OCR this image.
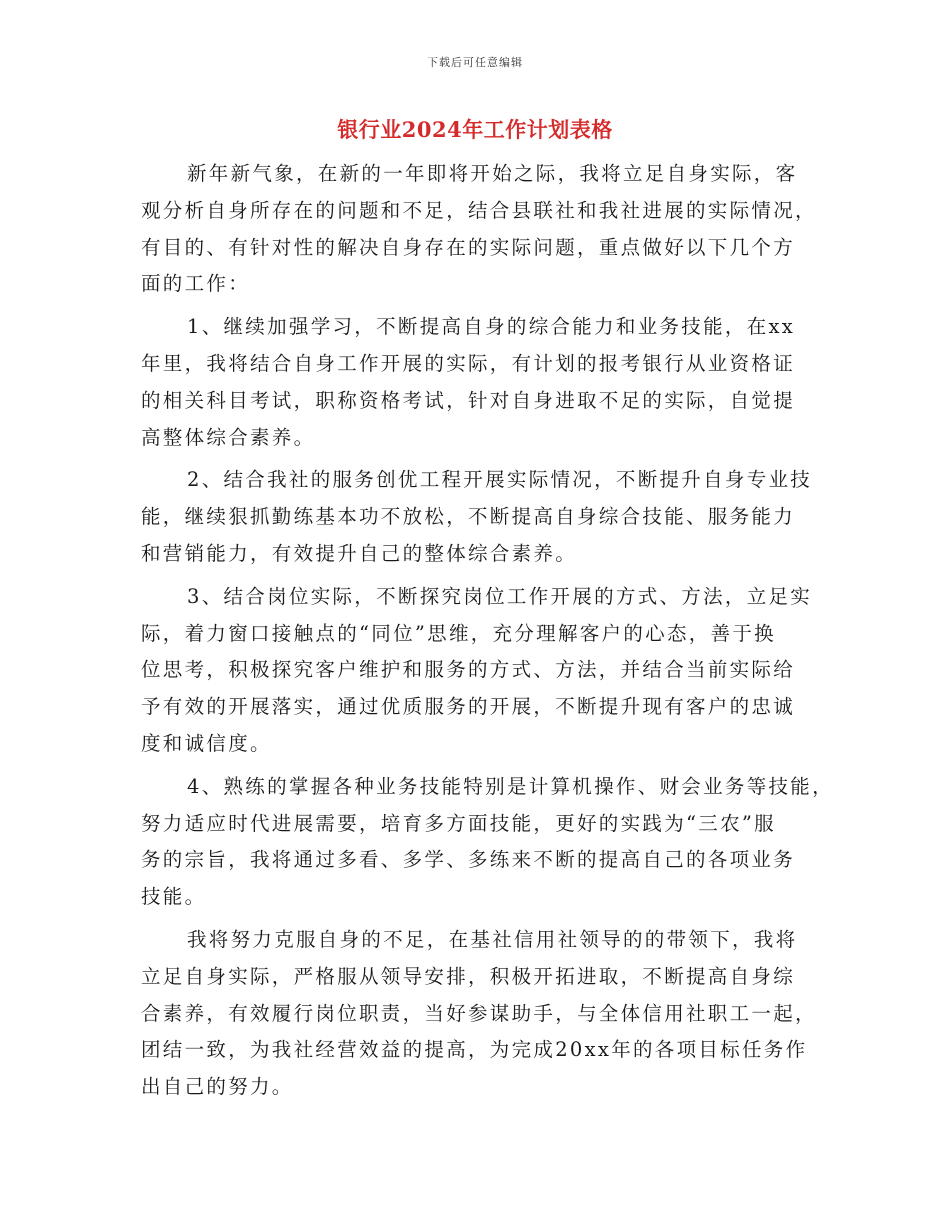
下载后可任意编辑
银行业2024年工作计划表格
新年新气象，在新的一年即将开始之际，我将立足自身实际，客
观分析自身所存在的问题和不足，结合县联社和我社进展的实际情况，
有目的、有针对性的解决自身存在的实际问题，重点做好以下几个方
面的工作：
1、继续加强学习，不断提高自身的综合能力和业务技能，在xx
年里，我将结合自身工作开展的实际，有计划的报考银行从业资格证
的相关科目考试，职称资格考试，针对自身进取不足的实际，自觉提
高整体综合素养。
2、结合我社的服务创优工程开展实际情况，不断提升自身专业技
能，继续狠抓勤练基本功不放松，不断提高自身综合技能、服务能力
和营销能力，有效提升自己的整体综合素养。
3、结合岗位实际，不断探究岗位工作开展的方式、方法，立足实
际，着力窗口接触点的“同位”思维，充分理解客户的心态，善于换
位思考，积极探究客户维护和服务的方式、方法，并结合当前实际给
予有效的开展落实，通过优质服务的开展，不断提升现有客户的忠诚
度和诚信度。
4、熟练的掌握各种业务技能特别是计算机操作、财会业务等技能，
努力适应时代进展需要，培育多方面技能，更好的实践为“三农”服
务的宗旨，我将通过多看、多学、多练来不断的提高自己的各项业务
技能。
我将努力克服自身的不足，在基社信用社领导的的带领下，我将
立足自身实际，严格服从领导安排，积极开拓进取，不断提高自身综
合素养，有效履行岗位职责，当好参谋助手，与全体信用社职工一起，
团结一致，为我社经营效益的提高，为完成20xx年的各项目标任务作
出自己的努力。
